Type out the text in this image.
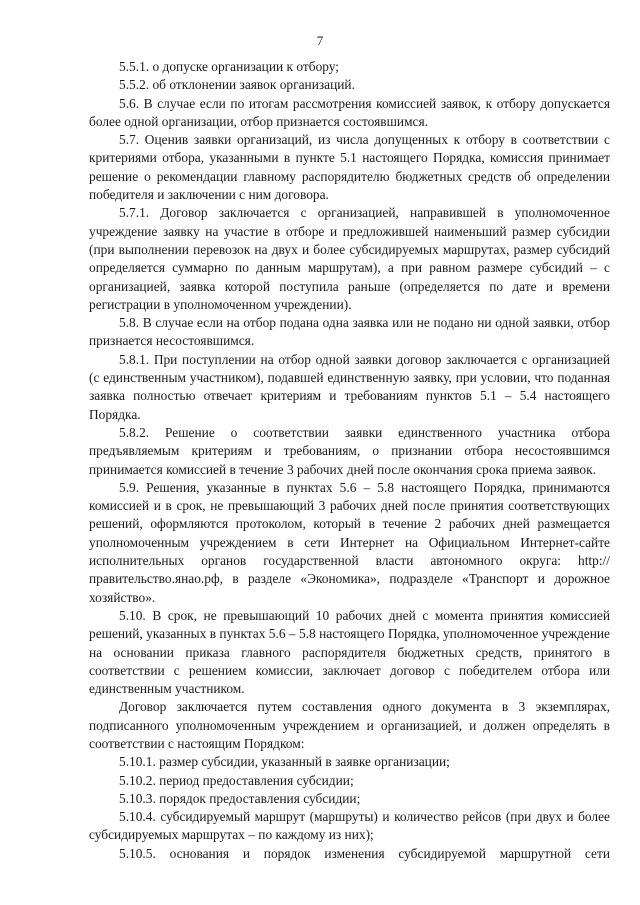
7

5.5.1. о допуске организации к отбору;

5.5.2. об отклонении заявок организаций.

5.6. В случае если по итогам рассмотрения комиссией заявок, к отбору допускается более одной организации, отбор признается состоявшимся.

5.7. Оценив заявки организаций, из числа допущенных к отбору в соответствии с критериями отбора, указанными в пункте 5.1 настоящего Порядка, комиссия принимает решение о рекомендации главному распорядителю бюджетных средств об определении победителя и заключении с ним договора.

5.7.1. Договор заключается с организацией, направившей в уполномоченное учреждение заявку на участие в отборе и предложившей наименьший размер субсидии (при выполнении перевозок на двух и более субсидируемых маршрутах, размер субсидий определяется суммарно по данным маршрутам), а при равном размере субсидий – с организацией, заявка которой поступила раньше (определяется по дате и времени регистрации в уполномоченном учреждении).

5.8. В случае если на отбор подана одна заявка или не подано ни одной заявки, отбор признается несостоявшимся.

5.8.1. При поступлении на отбор одной заявки договор заключается с организацией (с единственным участником), подавшей единственную заявку, при условии, что поданная заявка полностью отвечает критериям и требованиям пунктов 5.1 – 5.4 настоящего Порядка.

5.8.2. Решение о соответствии заявки единственного участника отбора предъявляемым критериям и требованиям, о признании отбора несостоявшимся принимается комиссией в течение 3 рабочих дней после окончания срока приема заявок.

5.9. Решения, указанные в пунктах 5.6 – 5.8 настоящего Порядка, принимаются комиссией и в срок, не превышающий 3 рабочих дней после принятия соответствующих решений, оформляются протоколом, который в течение 2 рабочих дней размещается уполномоченным учреждением в сети Интернет на Официальном Интернет-сайте исполнительных органов государственной власти автономного округа: http://правительство.янао.рф, в разделе «Экономика», подразделе «Транспорт и дорожное хозяйство».

5.10. В срок, не превышающий 10 рабочих дней с момента принятия комиссией решений, указанных в пунктах 5.6 – 5.8 настоящего Порядка, уполномоченное учреждение на основании приказа главного распорядителя бюджетных средств, принятого в соответствии с решением комиссии, заключает договор с победителем отбора или единственным участником.

Договор заключается путем составления одного документа в 3 экземплярах, подписанного уполномоченным учреждением и организацией, и должен определять в соответствии с настоящим Порядком:

5.10.1. размер субсидии, указанный в заявке организации;

5.10.2. период предоставления субсидии;

5.10.3. порядок предоставления субсидии;

5.10.4. субсидируемый маршрут (маршруты) и количество рейсов (при двух и более субсидируемых маршрутах – по каждому из них);

5.10.5. основания и порядок изменения субсидируемой маршрутной сети
